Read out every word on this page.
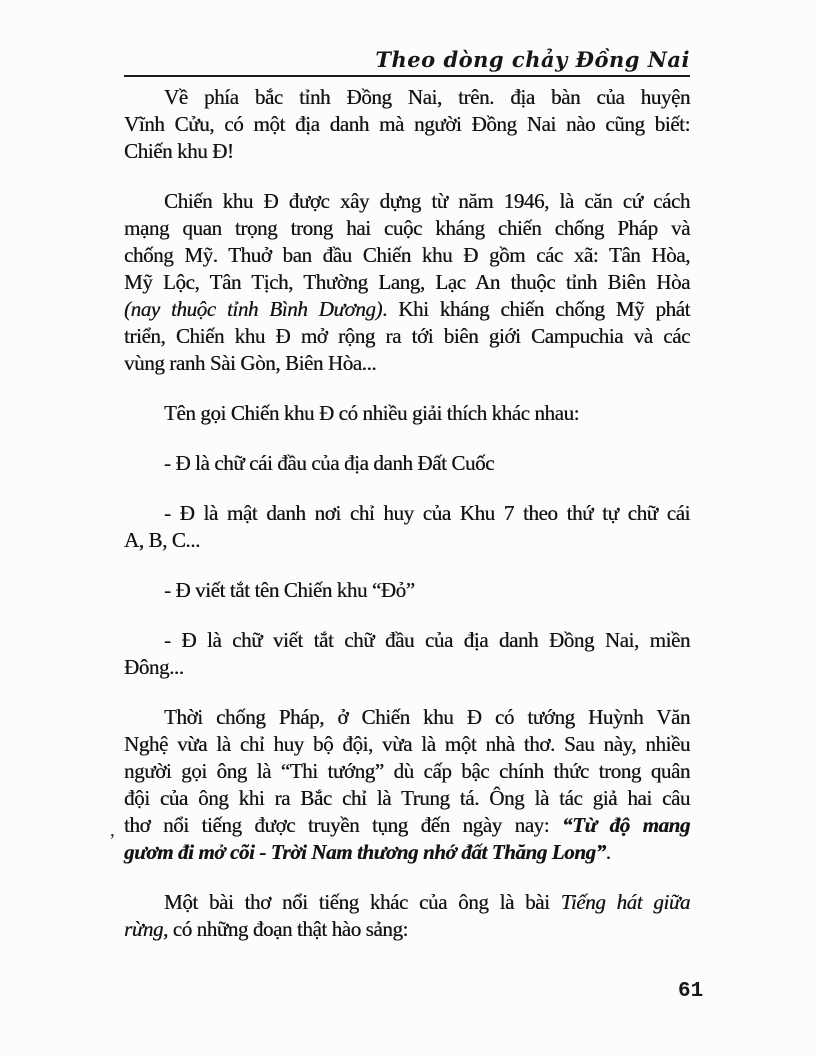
,
Theo dòng chảy Đồng Nai
Về phía bắc tỉnh Đồng Nai, trên. địa bàn của huyện
Vĩnh Cửu, có một địa danh mà người Đồng Nai nào cũng biết:
Chiến khu Đ!
Chiến khu Đ được xây dựng từ năm 1946, là căn cứ cách
mạng quan trọng trong hai cuộc kháng chiến chống Pháp và
chống Mỹ. Thuở ban đầu Chiến khu Đ gồm các xã: Tân Hòa,
Mỹ Lộc, Tân Tịch, Thường Lang, Lạc An thuộc tỉnh Biên Hòa
(nay thuộc tỉnh Bình Dương). Khi kháng chiến chống Mỹ phát
triển, Chiến khu Đ mở rộng ra tới biên giới Campuchia và các
vùng ranh Sài Gòn, Biên Hòa...
Tên gọi Chiến khu Đ có nhiều giải thích khác nhau:
- Đ là chữ cái đầu của địa danh Đất Cuốc
- Đ là mật danh nơi chỉ huy của Khu 7 theo thứ tự chữ cái
A, B, C...
- Đ viết tắt tên Chiến khu “Đỏ”
- Đ là chữ viết tắt chữ đầu của địa danh Đồng Nai, miền
Đông...
Thời chống Pháp, ở Chiến khu Đ có tướng Huỳnh Văn
Nghệ vừa là chỉ huy bộ đội, vừa là một nhà thơ. Sau này, nhiều
người gọi ông là “Thi tướng” dù cấp bậc chính thức trong quân
đội của ông khi ra Bắc chỉ là Trung tá. Ông là tác giả hai câu
thơ nổi tiếng được truyền tụng đến ngày nay: “Từ độ mang
gươm đi mở cõi - Trời Nam thương nhớ đất Thăng Long”.
Một bài thơ nổi tiếng khác của ông là bài Tiếng hát giữa
rừng, có những đoạn thật hào sảng:
61
